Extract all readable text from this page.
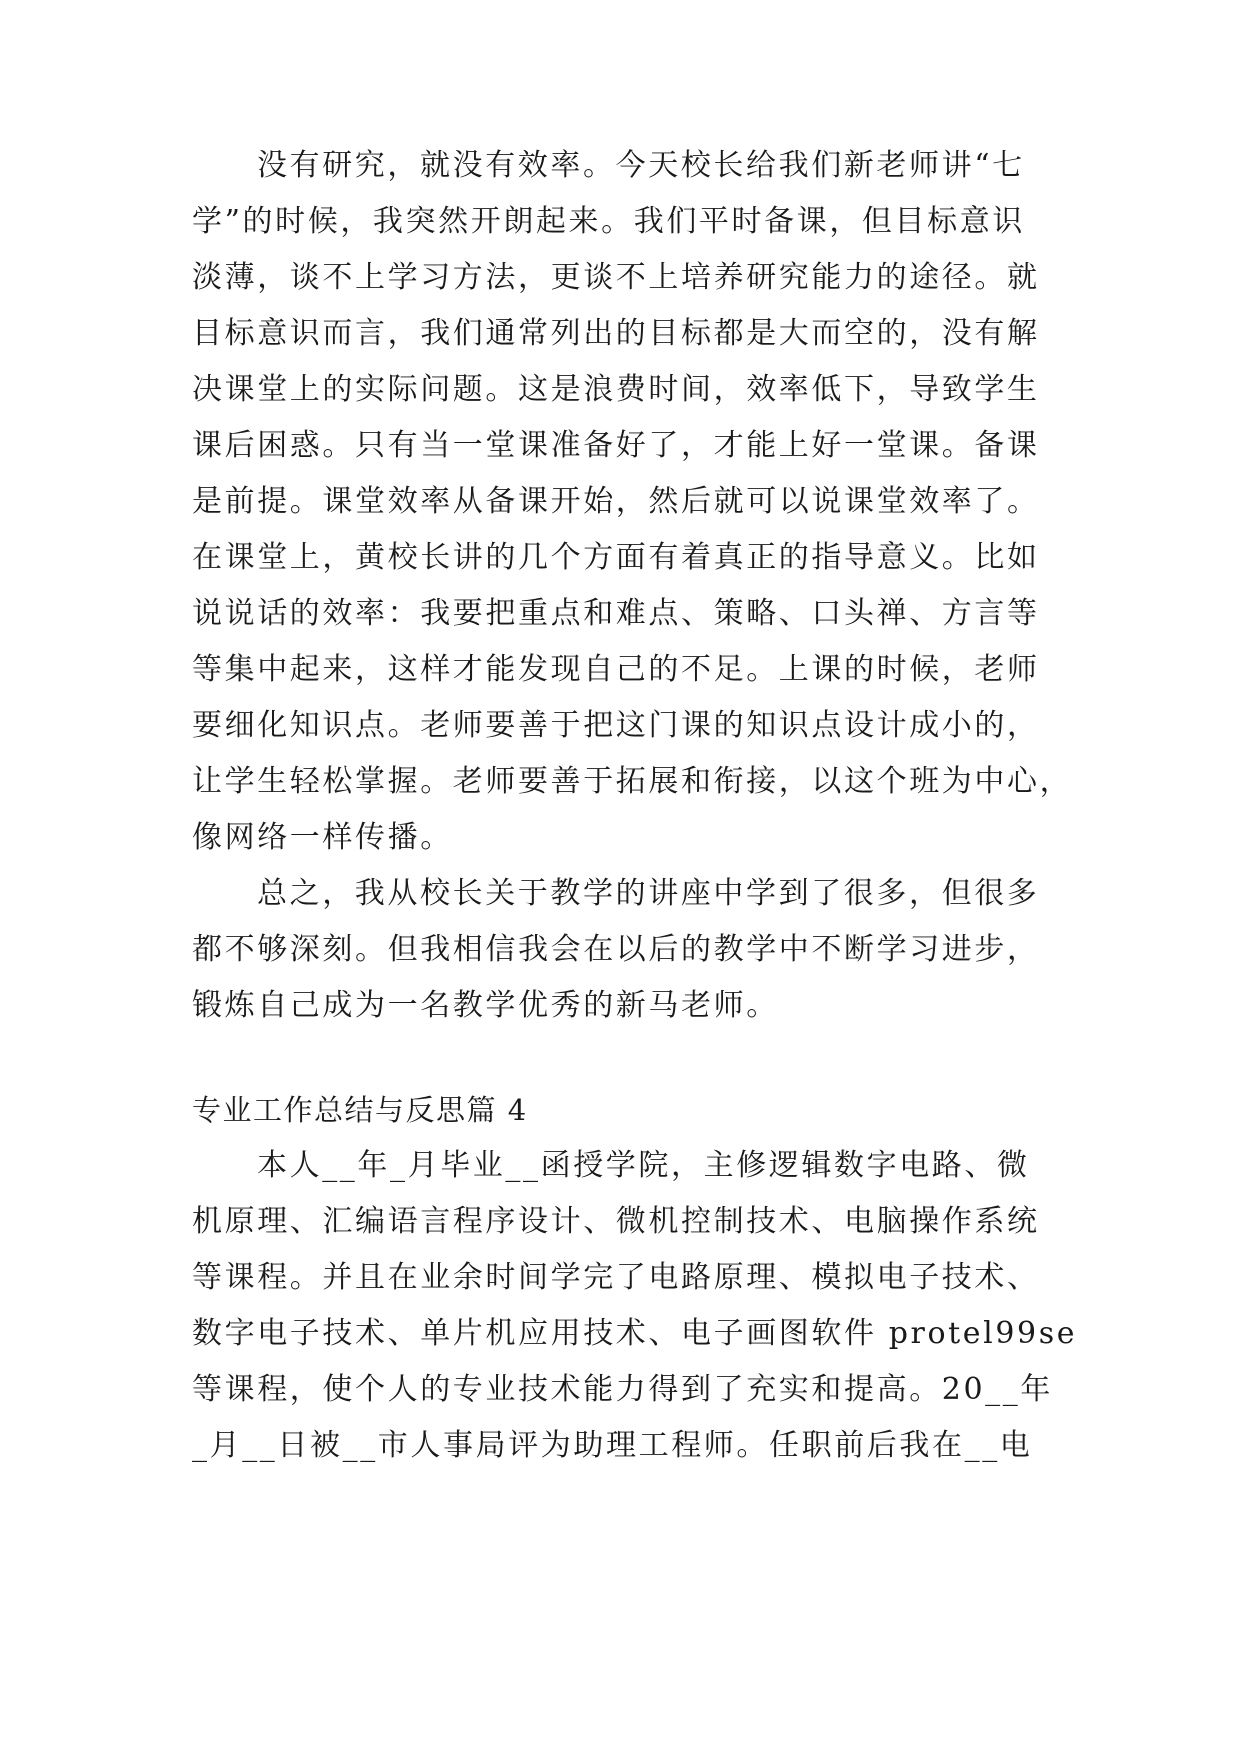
没有研究，就没有效率。今天校长给我们新老师讲“七

学”的时候，我突然开朗起来。我们平时备课，但目标意识

淡薄，谈不上学习方法，更谈不上培养研究能力的途径。就

目标意识而言，我们通常列出的目标都是大而空的，没有解

决课堂上的实际问题。这是浪费时间，效率低下，导致学生

课后困惑。只有当一堂课准备好了，才能上好一堂课。备课

是前提。课堂效率从备课开始，然后就可以说课堂效率了。

在课堂上，黄校长讲的几个方面有着真正的指导意义。比如

说说话的效率：我要把重点和难点、策略、口头禅、方言等

等集中起来，这样才能发现自己的不足。上课的时候，老师

要细化知识点。老师要善于把这门课的知识点设计成小的，

让学生轻松掌握。老师要善于拓展和衔接，以这个班为中心，

像网络一样传播。

总之，我从校长关于教学的讲座中学到了很多，但很多

都不够深刻。但我相信我会在以后的教学中不断学习进步，

锻炼自己成为一名教学优秀的新马老师。

专业工作总结与反思篇 4

本人__年_月毕业__函授学院，主修逻辑数字电路、微

机原理、汇编语言程序设计、微机控制技术、电脑操作系统

等课程。并且在业余时间学完了电路原理、模拟电子技术、

数字电子技术、单片机应用技术、电子画图软件 protel99se

等课程，使个人的专业技术能力得到了充实和提高。20__年

_月__日被__市人事局评为助理工程师。任职前后我在__电
